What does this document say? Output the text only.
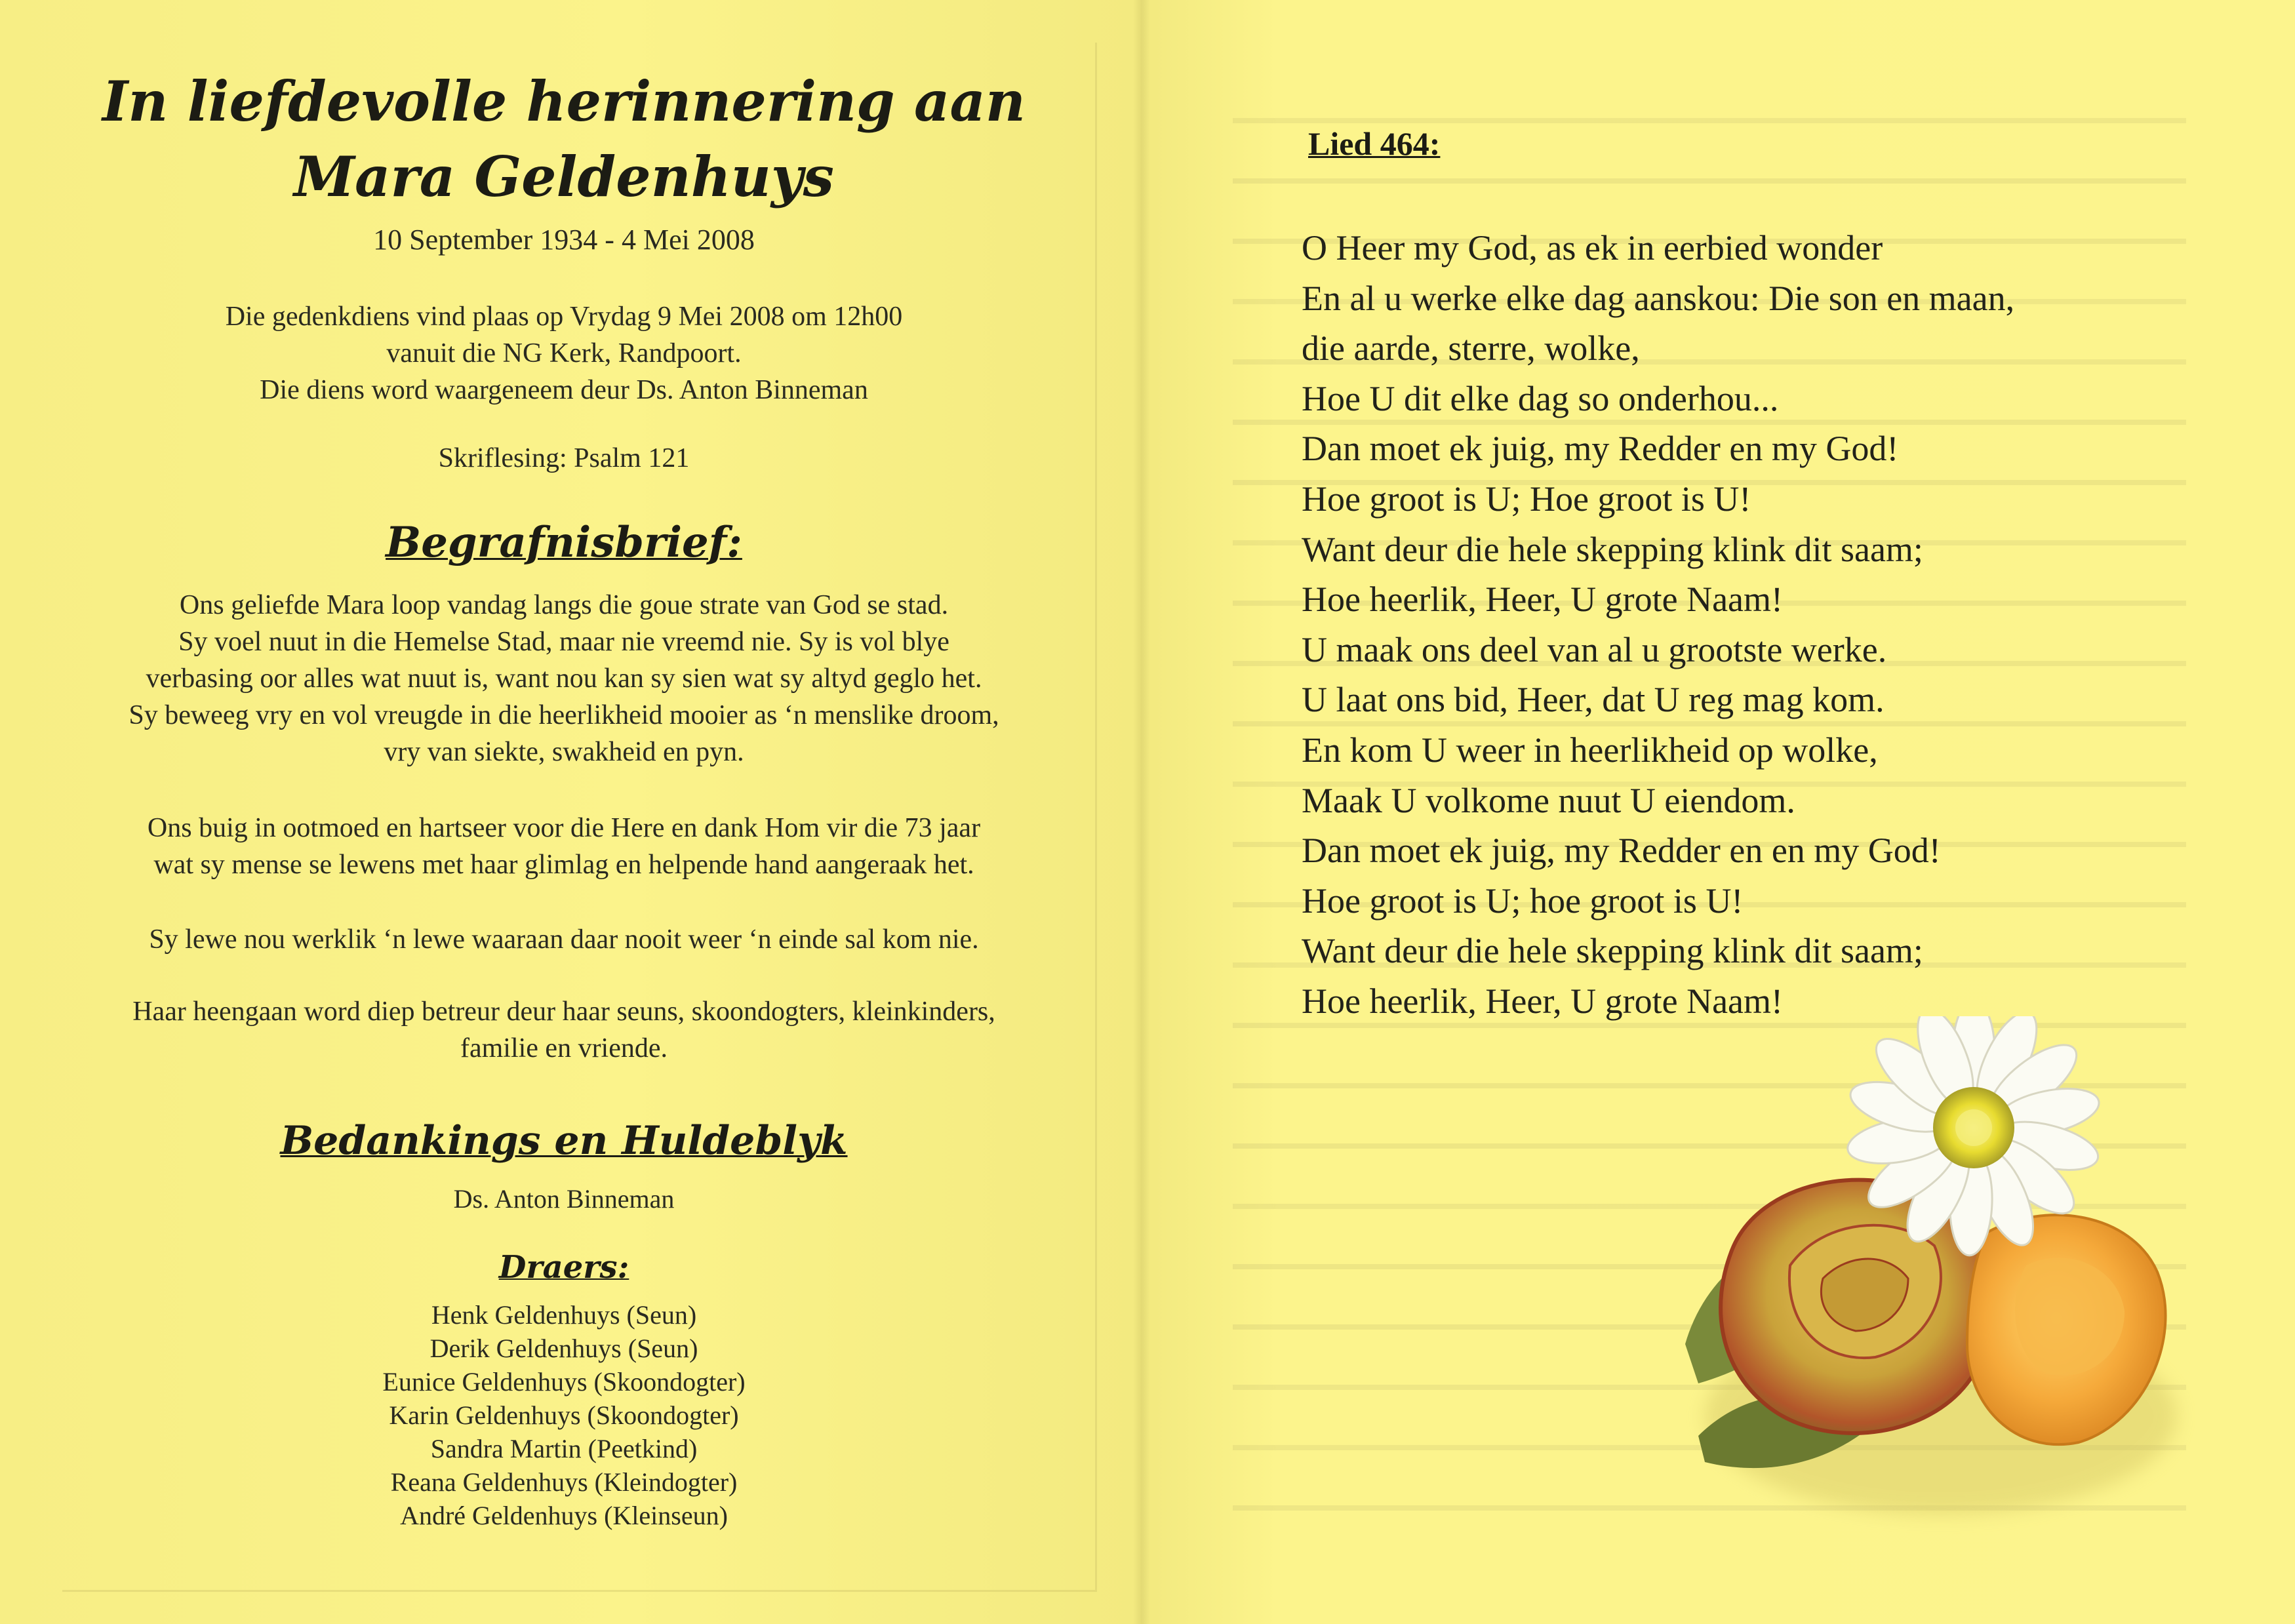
In liefdevolle herinnering aan
Mara Geldenhuys
10 September 1934 - 4 Mei 2008
Die gedenkdiens vind plaas op Vrydag 9 Mei 2008 om 12h00
vanuit die NG Kerk, Randpoort.
Die diens word waargeneem deur Ds. Anton Binneman
Skriflesing: Psalm 121
Begrafnisbrief:
Ons geliefde Mara loop vandag langs die goue strate van God se stad.
Sy voel nuut in die Hemelse Stad, maar nie vreemd nie. Sy is vol blye
verbasing oor alles wat nuut is, want nou kan sy sien wat sy altyd geglo het.
Sy beweeg vry en vol vreugde in die heerlikheid mooier as ‘n menslike droom,
vry van siekte, swakheid en pyn.
Ons buig in ootmoed en hartseer voor die Here en dank Hom vir die 73 jaar
wat sy mense se lewens met haar glimlag en helpende hand aangeraak het.
Sy lewe nou werklik ‘n lewe waaraan daar nooit weer ‘n einde sal kom nie.
Haar heengaan word diep betreur deur haar seuns, skoondogters, kleinkinders,
familie en vriende.
Bedankings en Huldeblyk
Ds. Anton Binneman
Draers:
Henk Geldenhuys (Seun)
Derik Geldenhuys (Seun)
Eunice Geldenhuys (Skoondogter)
Karin Geldenhuys (Skoondogter)
Sandra Martin (Peetkind)
Reana Geldenhuys (Kleindogter)
André Geldenhuys (Kleinseun)
Lied 464:
O Heer my God, as ek in eerbied wonder
En al u werke elke dag aanskou: Die son en maan,
die aarde, sterre, wolke,
Hoe U dit elke dag so onderhou...
Dan moet ek juig, my Redder en my God!
Hoe groot is U; Hoe groot is U!
Want deur die hele skepping klink dit saam;
Hoe heerlik, Heer, U grote Naam!
U maak ons deel van al u grootste werke.
U laat ons bid, Heer, dat U reg mag kom.
En kom U weer in heerlikheid op wolke,
Maak U volkome nuut U eiendom.
Dan moet ek juig, my Redder en en my God!
Hoe groot is U; hoe groot is U!
Want deur die hele skepping klink dit saam;
Hoe heerlik, Heer, U grote Naam!
